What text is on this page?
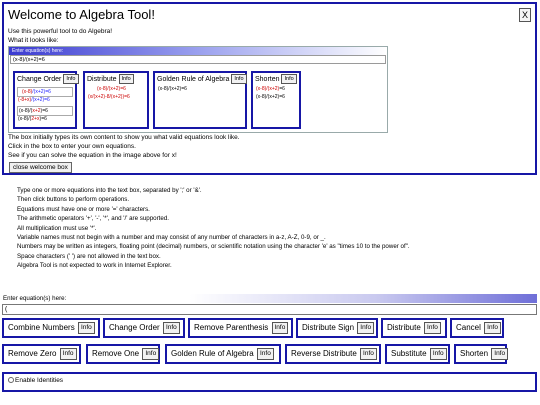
Welcome to Algebra Tool!	X
Use this powerful tool to do Algebra!
What it looks like:
Enter equation(s) here:
(x-8)/(x+2)=6
Change Order Info
(x-8)/(x+2)=6
(-8+x)/(x+2)=6
(x-8)/(x+2)=6
(x-8)/(2+x)=6
Distribute Info
(x-8)/(x+2)=6
(x/(x+2)-8/(x+2))=6
Golden Rule of Algebra Info
(x-8)/(x+2)=6
Shorten Info
(x-8)/(x+2)=6
(x-8)/(x+2)=6
The box initially types its own content to show you what valid equations look like.
Click in the box to enter your own equations.
See if you can solve the equation in the image above for x!
close welcome box
Type one or more equations into the text box, separated by ';' or '&'.
Then click buttons to perform operations.
Equations must have one or more '=' characters.
The arithmetic operators '+', '-', '*', and '/' are supported.
All multiplication must use '*'.
Variable names must not begin with a number and may consist of any number of characters in a-z, A-Z, 0-9, or _.
Numbers may be written as integers, floating point (decimal) numbers, or scientific notation using the character 'e' as "times 10 to the power of".
Space characters (' ') are not allowed in the text box.
Algebra Tool is not expected to work in Internet Explorer.
Enter equation(s) here:
(
Combine Numbers Info	Change Order Info	Remove Parenthesis Info	Distribute Sign Info	Distribute Info	Cancel Info
Remove Zero Info	Remove One Info	Golden Rule of Algebra Info	Reverse Distribute Info	Substitute Info	Shorten Info
Enable Identities
